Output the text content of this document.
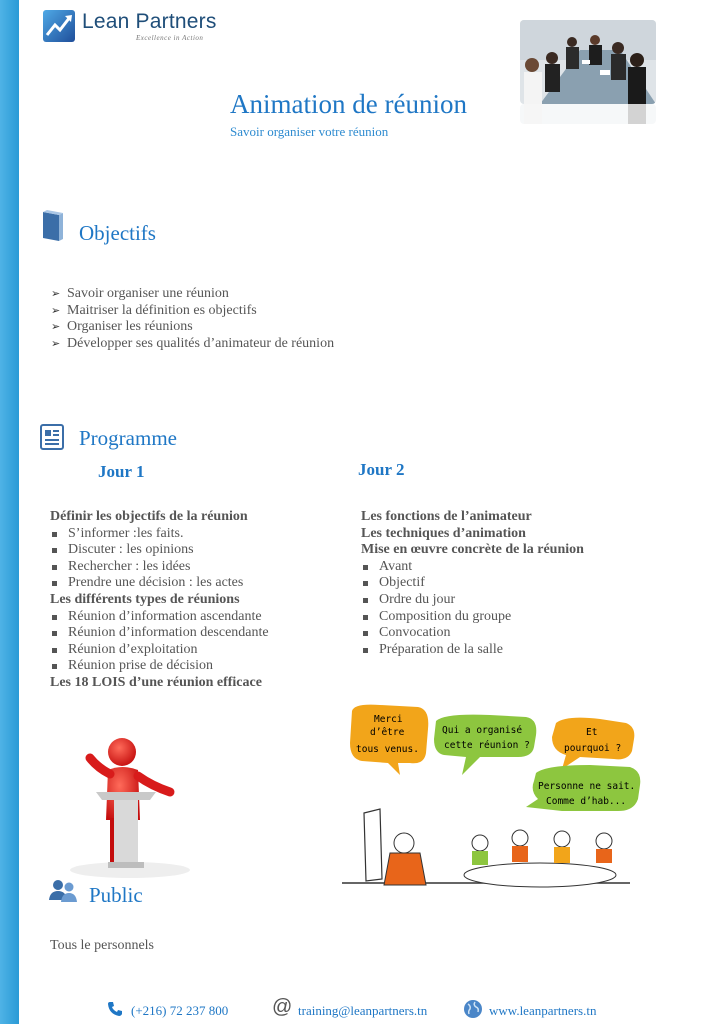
Lean Partners
Excellence in Action
Animation de réunion
Savoir organiser votre réunion
Objectifs
➢ Savoir organiser une réunion
➢ Maitriser la définition es objectifs
➢ Organiser les réunions
➢ Développer ses qualités d’animateur de réunion
Programme
Jour 1	Jour 2
Définir les objectifs de la réunion
S’informer :les faits.
Discuter : les opinions
Rechercher : les idées
Prendre une décision : les actes
Les différents types de réunions
Réunion d’information ascendante
Réunion d’information descendante
Réunion d’exploitation
Réunion prise de décision
Les 18 LOIS d’une réunion efficace
Les fonctions de l’animateur
Les techniques d’animation
Mise en œuvre concrète de la réunion
Avant
Objectif
Ordre du jour
Composition du groupe
Convocation
Préparation de la salle
Merci
d’être
tous venus.
Qui a organisé
cette réunion ?
Et
pourquoi ?
Personne ne sait.
Comme d’hab...
Public
Tous le personnels
(+216) 72 237 800 @ training@leanpartners.tn	www.leanpartners.tn
